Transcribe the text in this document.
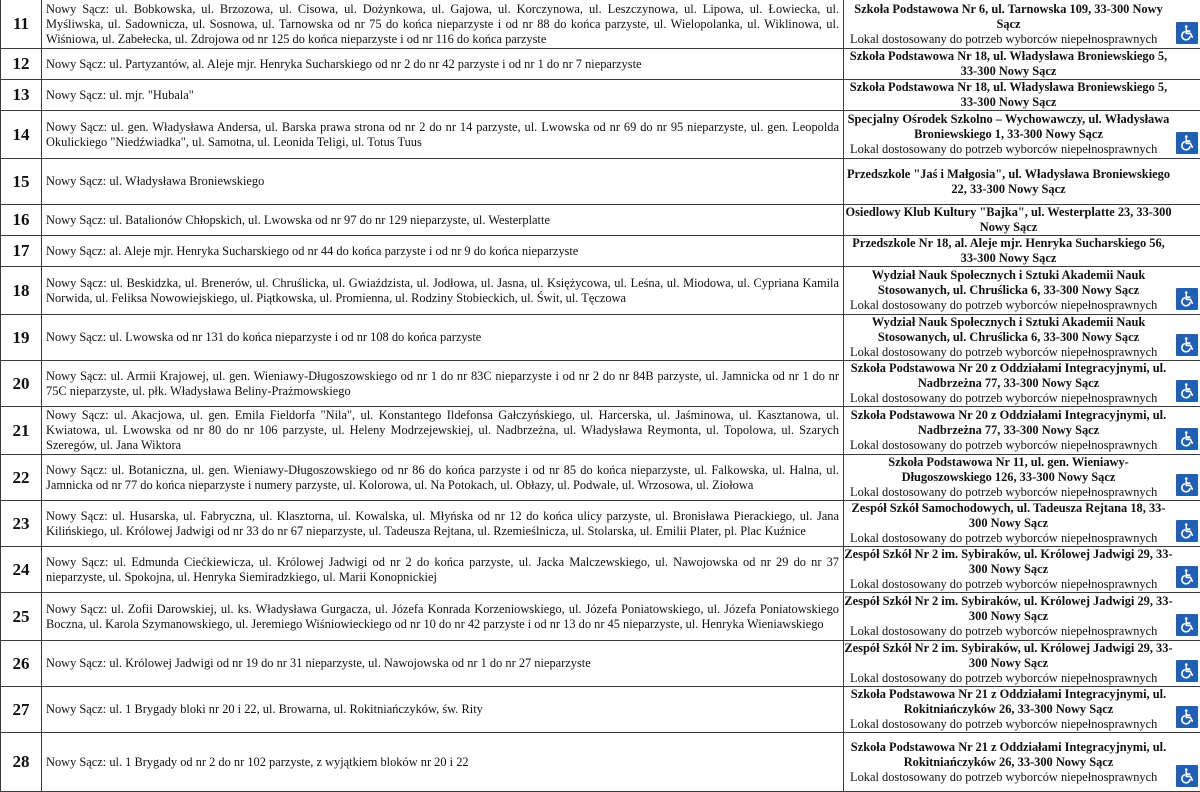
11	Nowy Sącz: ul. Bobkowska, ul. Brzozowa, ul. Cisowa, ul. Dożynkowa, ul. Gajowa, ul. Korczynowa, ul. Leszczynowa, ul. Lipowa, ul. Łowiecka, ul. Myśliwska, ul. Sadownicza, ul. Sosnowa, ul. Tarnowska od nr 75 do końca nieparzyste i od nr 88 do końca parzyste, ul. Wielopolanka, ul. Wiklinowa, ul. Wiśniowa, ul. Zabełecka, ul. Zdrojowa od nr 125 do końca nieparzyste i od nr 116 do końca parzyste	Szkoła Podstawowa Nr 6, ul. Tarnowska 109, 33-300 Nowy Sącz
Lokal dostosowany do potrzeb wyborców niepełnosprawnych

12	Nowy Sącz: ul. Partyzantów, al. Aleje mjr. Henryka Sucharskiego od nr 2 do nr 42 parzyste i od nr 1 do nr 7 nieparzyste	Szkoła Podstawowa Nr 18, ul. Władysława Broniewskiego 5, 33-300 Nowy Sącz

13	Nowy Sącz: ul. mjr. "Hubala"	Szkoła Podstawowa Nr 18, ul. Władysława Broniewskiego 5, 33-300 Nowy Sącz

14	Nowy Sącz: ul. gen. Władysława Andersa, ul. Barska prawa strona od nr 2 do nr 14 parzyste, ul. Lwowska od nr 69 do nr 95 nieparzyste, ul. gen. Leopolda Okulickiego "Niedźwiadka", ul. Samotna, ul. Leonida Teligi, ul. Totus Tuus	Specjalny Ośrodek Szkolno – Wychowawczy, ul. Władysława Broniewskiego 1, 33-300 Nowy Sącz
Lokal dostosowany do potrzeb wyborców niepełnosprawnych

15	Nowy Sącz: ul. Władysława Broniewskiego	Przedszkole "Jaś i Małgosia", ul. Władysława Broniewskiego 22, 33-300 Nowy Sącz

16	Nowy Sącz: ul. Batalionów Chłopskich, ul. Lwowska od nr 97 do nr 129 nieparzyste, ul. Westerplatte	Osiedlowy Klub Kultury "Bajka", ul. Westerplatte 23, 33-300 Nowy Sącz

17	Nowy Sącz: al. Aleje mjr. Henryka Sucharskiego od nr 44 do końca parzyste i od nr 9 do końca nieparzyste	Przedszkole Nr 18, al. Aleje mjr. Henryka Sucharskiego 56, 33-300 Nowy Sącz

18	Nowy Sącz: ul. Beskidzka, ul. Brenerów, ul. Chruślicka, ul. Gwiaździsta, ul. Jodłowa, ul. Jasna, ul. Księżycowa, ul. Leśna, ul. Miodowa, ul. Cypriana Kamila Norwida, ul. Feliksa Nowowiejskiego, ul. Piątkowska, ul. Promienna, ul. Rodziny Stobieckich, ul. Świt, ul. Tęczowa	Wydział Nauk Społecznych i Sztuki Akademii Nauk Stosowanych, ul. Chruślicka 6, 33-300 Nowy Sącz
Lokal dostosowany do potrzeb wyborców niepełnosprawnych

19	Nowy Sącz: ul. Lwowska od nr 131 do końca nieparzyste i od nr 108 do końca parzyste	Wydział Nauk Społecznych i Sztuki Akademii Nauk Stosowanych, ul. Chruślicka 6, 33-300 Nowy Sącz
Lokal dostosowany do potrzeb wyborców niepełnosprawnych

20	Nowy Sącz: ul. Armii Krajowej, ul. gen. Wieniawy-Długoszowskiego od nr 1 do nr 83C nieparzyste i od nr 2 do nr 84B parzyste, ul. Jamnicka od nr 1 do nr 75C nieparzyste, ul. płk. Władysława Beliny-Prażmowskiego	Szkoła Podstawowa Nr 20 z Oddziałami Integracyjnymi, ul. Nadbrzeżna 77, 33-300 Nowy Sącz
Lokal dostosowany do potrzeb wyborców niepełnosprawnych

21	Nowy Sącz: ul. Akacjowa, ul. gen. Emila Fieldorfa "Nila", ul. Konstantego Ildefonsa Gałczyńskiego, ul. Harcerska, ul. Jaśminowa, ul. Kasztanowa, ul. Kwiatowa, ul. Lwowska od nr 80 do nr 106 parzyste, ul. Heleny Modrzejewskiej, ul. Nadbrzeżna, ul. Władysława Reymonta, ul. Topolowa, ul. Szarych Szeregów, ul. Jana Wiktora	Szkoła Podstawowa Nr 20 z Oddziałami Integracyjnymi, ul. Nadbrzeżna 77, 33-300 Nowy Sącz
Lokal dostosowany do potrzeb wyborców niepełnosprawnych

22	Nowy Sącz: ul. Botaniczna, ul. gen. Wieniawy-Długoszowskiego od nr 86 do końca parzyste i od nr 85 do końca nieparzyste, ul. Falkowska, ul. Halna, ul. Jamnicka od nr 77 do końca nieparzyste i numery parzyste, ul. Kolorowa, ul. Na Potokach, ul. Obłazy, ul. Podwale, ul. Wrzosowa, ul. Ziołowa	Szkoła Podstawowa Nr 11, ul. gen. Wieniawy-Długoszowskiego 126, 33-300 Nowy Sącz
Lokal dostosowany do potrzeb wyborców niepełnosprawnych

23	Nowy Sącz: ul. Husarska, ul. Fabryczna, ul. Klasztorna, ul. Kowalska, ul. Młyńska od nr 12 do końca ulicy parzyste, ul. Bronisława Pierackiego, ul. Jana Kilińskiego, ul. Królowej Jadwigi od nr 33 do nr 67 nieparzyste, ul. Tadeusza Rejtana, ul. Rzemieślnicza, ul. Stolarska, ul. Emilii Plater, pl. Plac Kuźnice	Zespół Szkół Samochodowych, ul. Tadeusza Rejtana 18, 33-300 Nowy Sącz
Lokal dostosowany do potrzeb wyborców niepełnosprawnych

24	Nowy Sącz: ul. Edmunda Ciećkiewicza, ul. Królowej Jadwigi od nr 2 do końca parzyste, ul. Jacka Malczewskiego, ul. Nawojowska od nr 29 do nr 37 nieparzyste, ul. Spokojna, ul. Henryka Siemiradzkiego, ul. Marii Konopnickiej	Zespół Szkół Nr 2 im. Sybiraków, ul. Królowej Jadwigi 29, 33-300 Nowy Sącz
Lokal dostosowany do potrzeb wyborców niepełnosprawnych

25	Nowy Sącz: ul. Zofii Darowskiej, ul. ks. Władysława Gurgacza, ul. Józefa Konrada Korzeniowskiego, ul. Józefa Poniatowskiego, ul. Józefa Poniatowskiego Boczna, ul. Karola Szymanowskiego, ul. Jeremiego Wiśniowieckiego od nr 10 do nr 42 parzyste i od nr 13 do nr 45 nieparzyste, ul. Henryka Wieniawskiego	Zespół Szkół Nr 2 im. Sybiraków, ul. Królowej Jadwigi 29, 33-300 Nowy Sącz
Lokal dostosowany do potrzeb wyborców niepełnosprawnych

26	Nowy Sącz: ul. Królowej Jadwigi od nr 19 do nr 31 nieparzyste, ul. Nawojowska od nr 1 do nr 27 nieparzyste	Zespół Szkół Nr 2 im. Sybiraków, ul. Królowej Jadwigi 29, 33-300 Nowy Sącz
Lokal dostosowany do potrzeb wyborców niepełnosprawnych

27	Nowy Sącz: ul. 1 Brygady bloki nr 20 i 22, ul. Browarna, ul. Rokitniańczyków, św. Rity	Szkoła Podstawowa Nr 21 z Oddziałami Integracyjnymi, ul. Rokitniańczyków 26, 33-300 Nowy Sącz
Lokal dostosowany do potrzeb wyborców niepełnosprawnych

28	Nowy Sącz: ul. 1 Brygady od nr 2 do nr 102 parzyste, z wyjątkiem bloków nr 20 i 22	Szkoła Podstawowa Nr 21 z Oddziałami Integracyjnymi, ul. Rokitniańczyków 26, 33-300 Nowy Sącz
Lokal dostosowany do potrzeb wyborców niepełnosprawnych
